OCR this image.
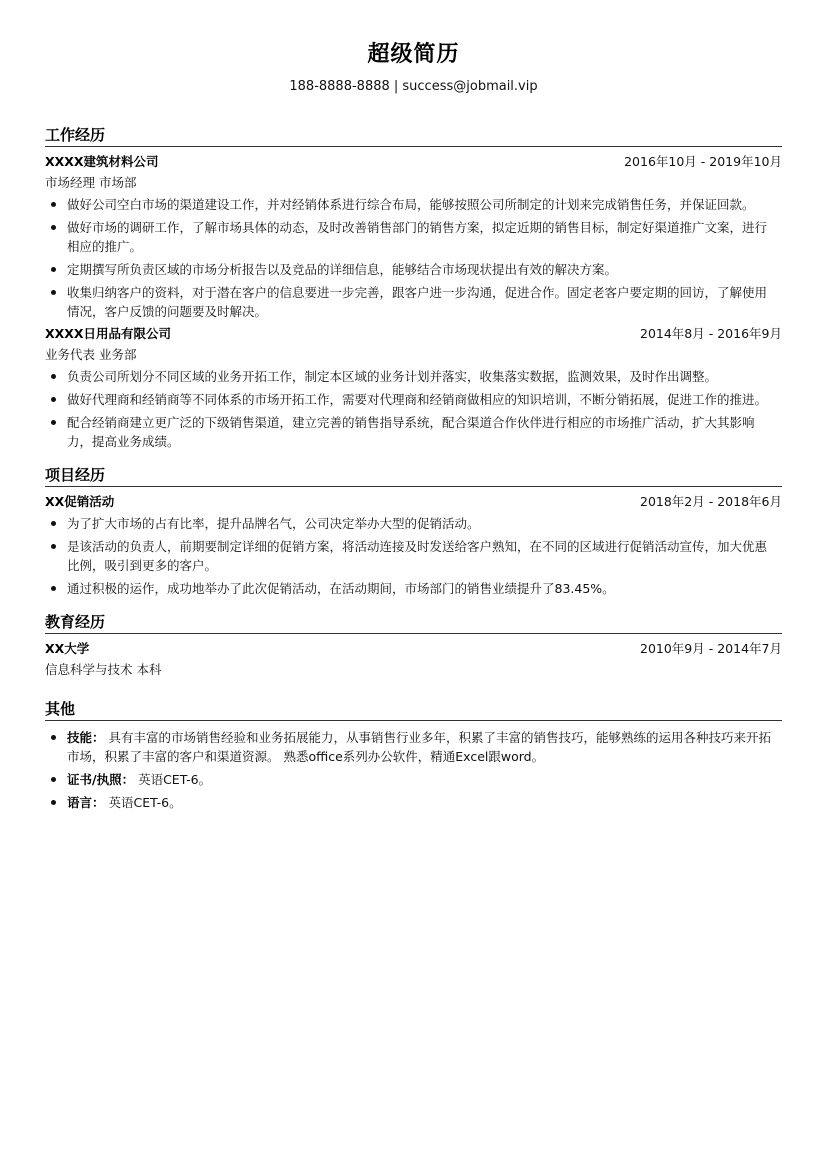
超级简历
188-8888-8888 | success@jobmail.vip
工作经历
XXXX建筑材料公司	2016年10月 - 2019年10月
市场经理 市场部
做好公司空白市场的渠道建设工作，并对经销体系进行综合布局，能够按照公司所制定的计划来完成销售任务，并保证回款。
做好市场的调研工作，了解市场具体的动态，及时改善销售部门的销售方案，拟定近期的销售目标，制定好渠道推广文案，进行相应的推广。
定期撰写所负责区域的市场分析报告以及竞品的详细信息，能够结合市场现状提出有效的解决方案。
收集归纳客户的资料，对于潜在客户的信息要进一步完善，跟客户进一步沟通，促进合作。固定老客户要定期的回访，了解使用情况，客户反馈的问题要及时解决。
XXXX日用品有限公司	2014年8月 - 2016年9月
业务代表 业务部
负责公司所划分不同区域的业务开拓工作，制定本区域的业务计划并落实，收集落实数据，监测效果，及时作出调整。
做好代理商和经销商等不同体系的市场开拓工作，需要对代理商和经销商做相应的知识培训，不断分销拓展，促进工作的推进。
配合经销商建立更广泛的下级销售渠道，建立完善的销售指导系统，配合渠道合作伙伴进行相应的市场推广活动，扩大其影响力，提高业务成绩。
项目经历
XX促销活动	2018年2月 - 2018年6月
为了扩大市场的占有比率，提升品牌名气，公司决定举办大型的促销活动。
是该活动的负责人，前期要制定详细的促销方案，将活动连接及时发送给客户熟知，在不同的区域进行促销活动宣传，加大优惠比例，吸引到更多的客户。
通过积极的运作，成功地举办了此次促销活动，在活动期间，市场部门的销售业绩提升了83.45%。
教育经历
XX大学	2010年9月 - 2014年7月
信息科学与技术 本科
其他
技能： 具有丰富的市场销售经验和业务拓展能力，从事销售行业多年，积累了丰富的销售技巧，能够熟练的运用各种技巧来开拓市场，积累了丰富的客户和渠道资源。 熟悉office系列办公软件，精通Excel跟word。
证书/执照： 英语CET-6。
语言： 英语CET-6。
